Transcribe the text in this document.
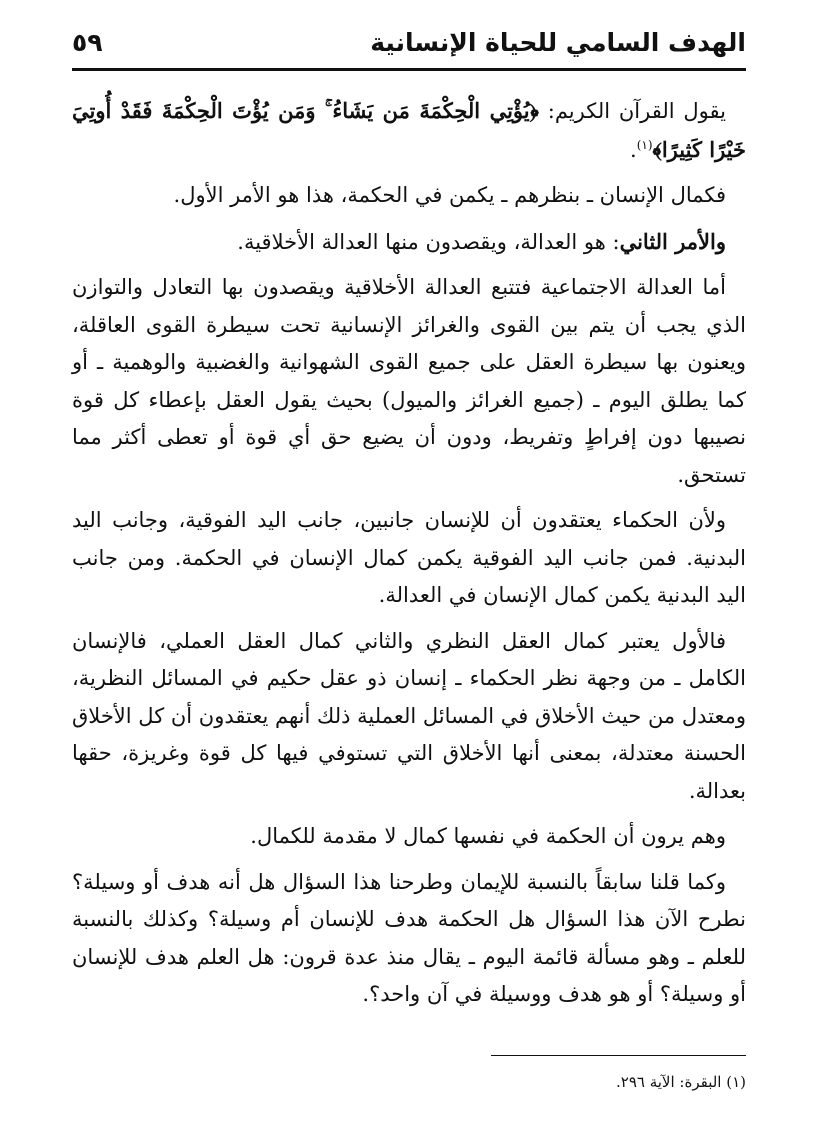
الهدف السامي للحياة الإنسانية
٥٩

يقول القرآن الكريم: ﴿يُؤْتِي الْحِكْمَةَ مَن يَشَاءُ ۚ وَمَن يُؤْتَ الْحِكْمَةَ فَقَدْ أُوتِيَ خَيْرًا كَثِيرًا﴾$^{(١)}$.

فكمال الإنسان ـ بنظرهم ـ يكمن في الحكمة، هذا هو الأمر الأول.

والأمر الثاني: هو العدالة، ويقصدون منها العدالة الأخلاقية.

أما العدالة الاجتماعية فتتبع العدالة الأخلاقية ويقصدون بها التعادل والتوازن الذي يجب أن يتم بين القوى والغرائز الإنسانية تحت سيطرة القوى العاقلة، ويعنون بها سيطرة العقل على جميع القوى الشهوانية والغضبية والوهمية ـ أو كما يطلق اليوم ـ (جميع الغرائز والميول) بحيث يقول العقل بإعطاء كل قوة نصيبها دون إفراطٍ وتفريط، ودون أن يضيع حق أي قوة أو تعطى أكثر مما تستحق.

ولأن الحكماء يعتقدون أن للإنسان جانبين، جانب اليد الفوقية، وجانب اليد البدنية. فمن جانب اليد الفوقية يكمن كمال الإنسان في الحكمة. ومن جانب اليد البدنية يكمن كمال الإنسان في العدالة.

فالأول يعتبر كمال العقل النظري والثاني كمال العقل العملي، فالإنسان الكامل ـ من وجهة نظر الحكماء ـ إنسان ذو عقل حكيم في المسائل النظرية، ومعتدل من حيث الأخلاق في المسائل العملية ذلك أنهم يعتقدون أن كل الأخلاق الحسنة معتدلة، بمعنى أنها الأخلاق التي تستوفي فيها كل قوة وغريزة، حقها بعدالة.

وهم يرون أن الحكمة في نفسها كمال لا مقدمة للكمال.

وكما قلنا سابقاً بالنسبة للإيمان وطرحنا هذا السؤال هل أنه هدف أو وسيلة؟ نطرح الآن هذا السؤال هل الحكمة هدف للإنسان أم وسيلة؟ وكذلك بالنسبة للعلم ـ وهو مسألة قائمة اليوم ـ يقال منذ عدة قرون: هل العلم هدف للإنسان أو وسيلة؟ أو هو هدف ووسيلة في آن واحد؟.

(١) البقرة: الآية ٢٩٦.
